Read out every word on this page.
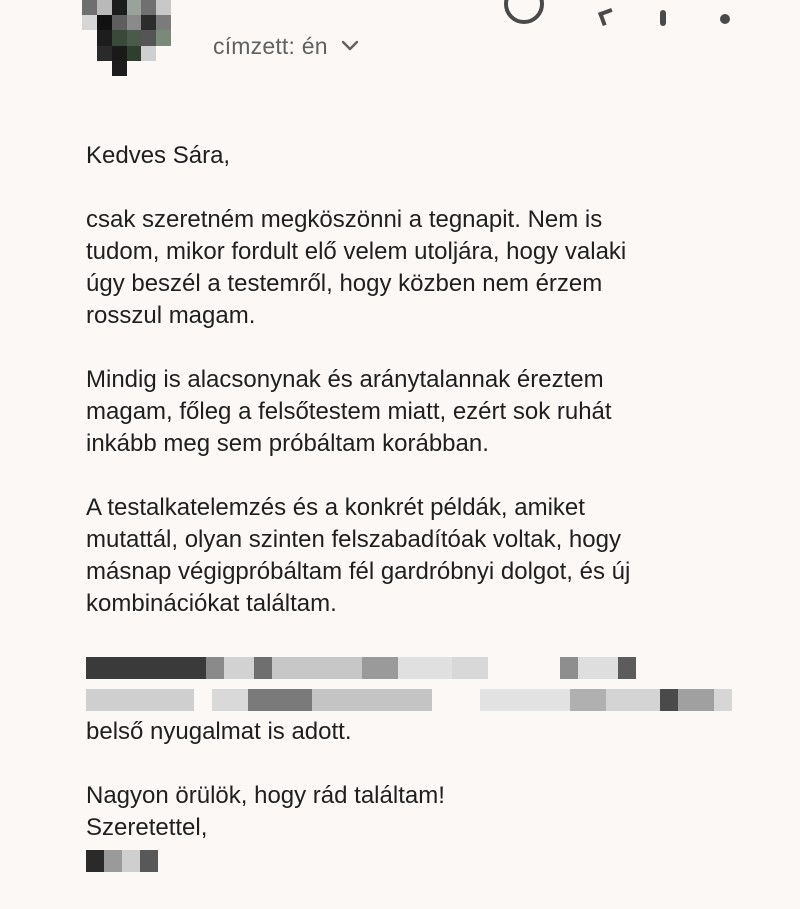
címzett: én

Kedves Sára,

csak szeretném megköszönni a tegnapit. Nem is
tudom, mikor fordult elő velem utoljára, hogy valaki
úgy beszél a testemről, hogy közben nem érzem
rosszul magam.

Mindig is alacsonynak és aránytalannak éreztem
magam, főleg a felsőtestem miatt, ezért sok ruhát
inkább meg sem próbáltam korábban.

A testalkatelemzés és a konkrét példák, amiket
mutattál, olyan szinten felszabadítóak voltak, hogy
másnap végigpróbáltam fél gardróbnyi dolgot, és új
kombinációkat találtam.

belső nyugalmat is adott.

Nagyon örülök, hogy rád találtam!
Szeretettel,
